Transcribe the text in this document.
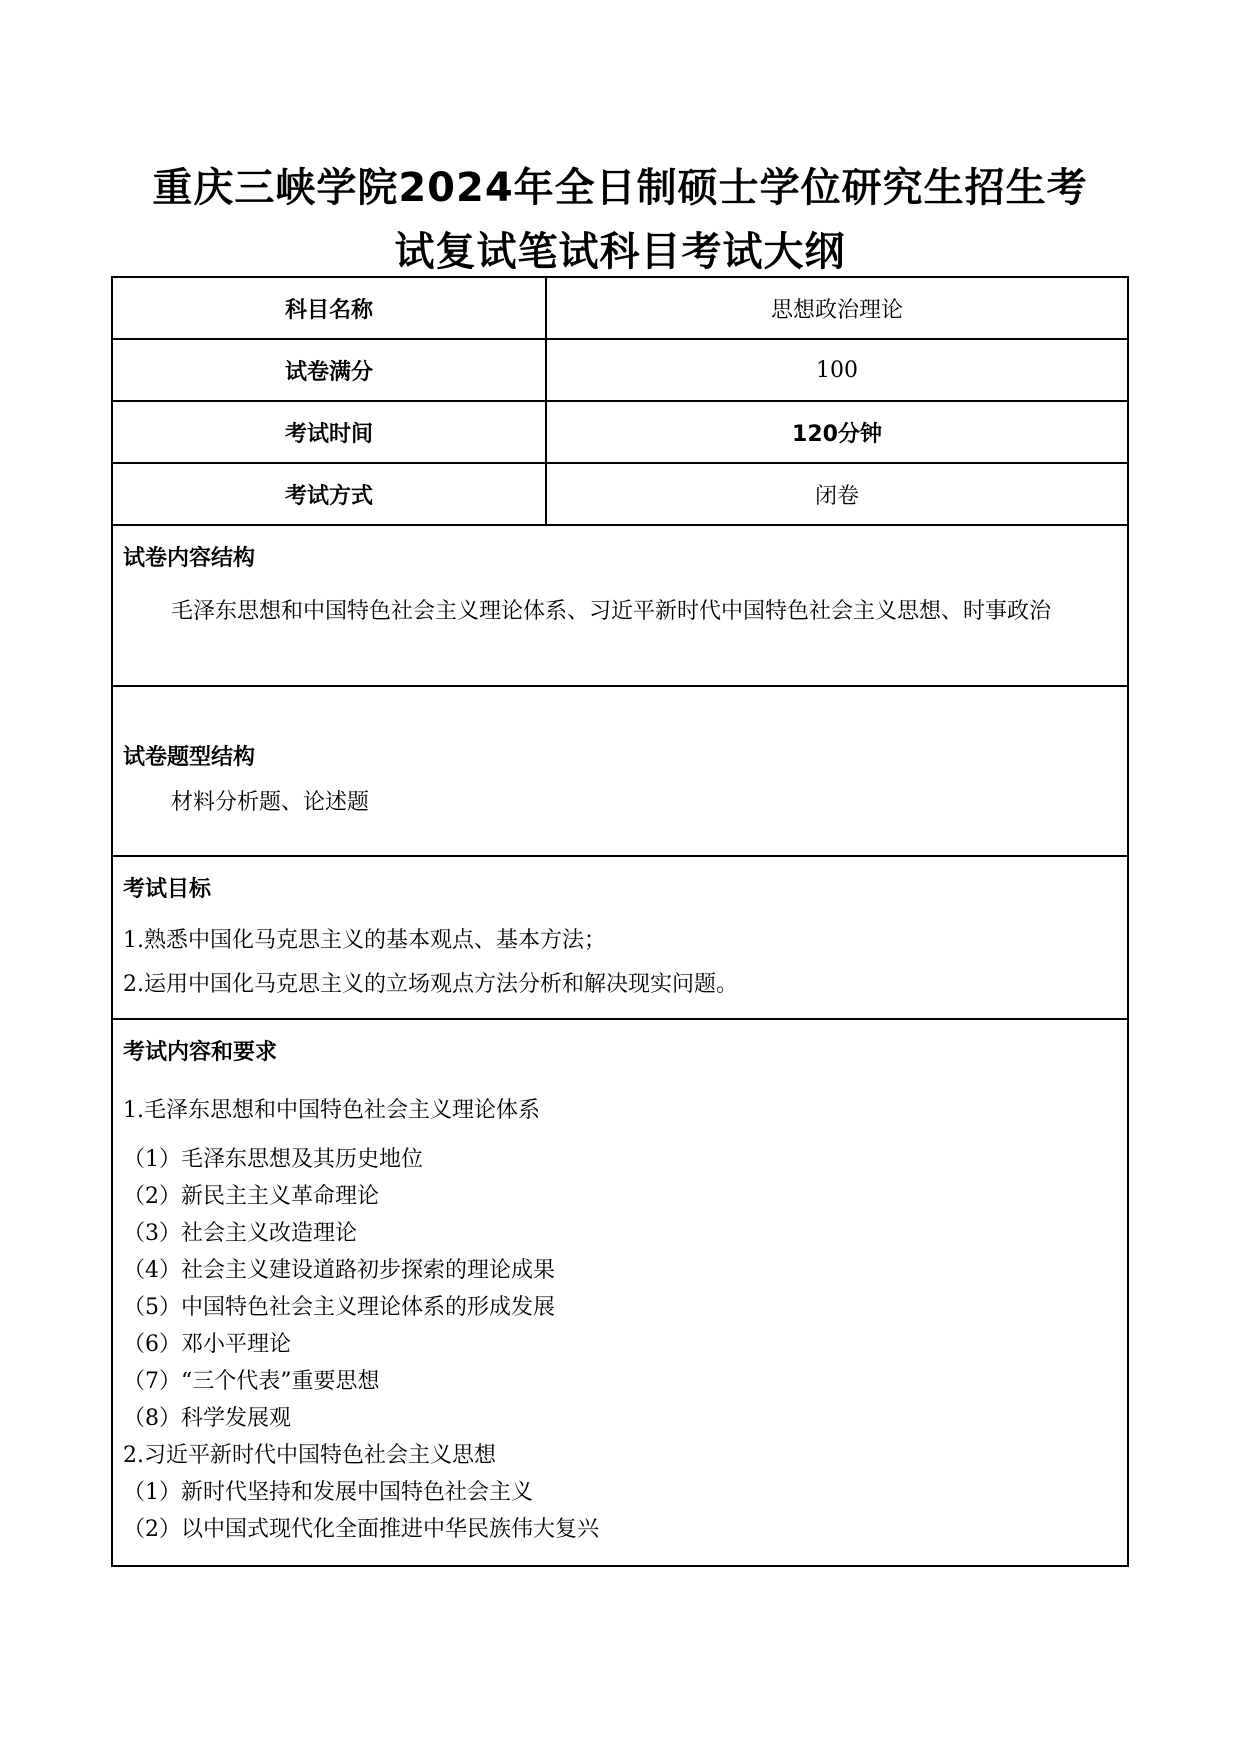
重庆三峡学院2024年全日制硕士学位研究生招生考
试复试笔试科目考试大纲
科目名称	思想政治理论
试卷满分	100
考试时间	120分钟
考试方式	闭卷
试卷内容结构
毛泽东思想和中国特色社会主义理论体系、习近平新时代中国特色社会主义思想、时事政治
试卷题型结构
材料分析题、论述题
考试目标
1.熟悉中国化马克思主义的基本观点、基本方法；
2.运用中国化马克思主义的立场观点方法分析和解决现实问题。
考试内容和要求
1.毛泽东思想和中国特色社会主义理论体系
（1）毛泽东思想及其历史地位
（2）新民主主义革命理论
（3）社会主义改造理论
（4）社会主义建设道路初步探索的理论成果
（5）中国特色社会主义理论体系的形成发展
（6）邓小平理论
（7）“三个代表”重要思想
（8）科学发展观
2.习近平新时代中国特色社会主义思想
（1）新时代坚持和发展中国特色社会主义
（2）以中国式现代化全面推进中华民族伟大复兴
